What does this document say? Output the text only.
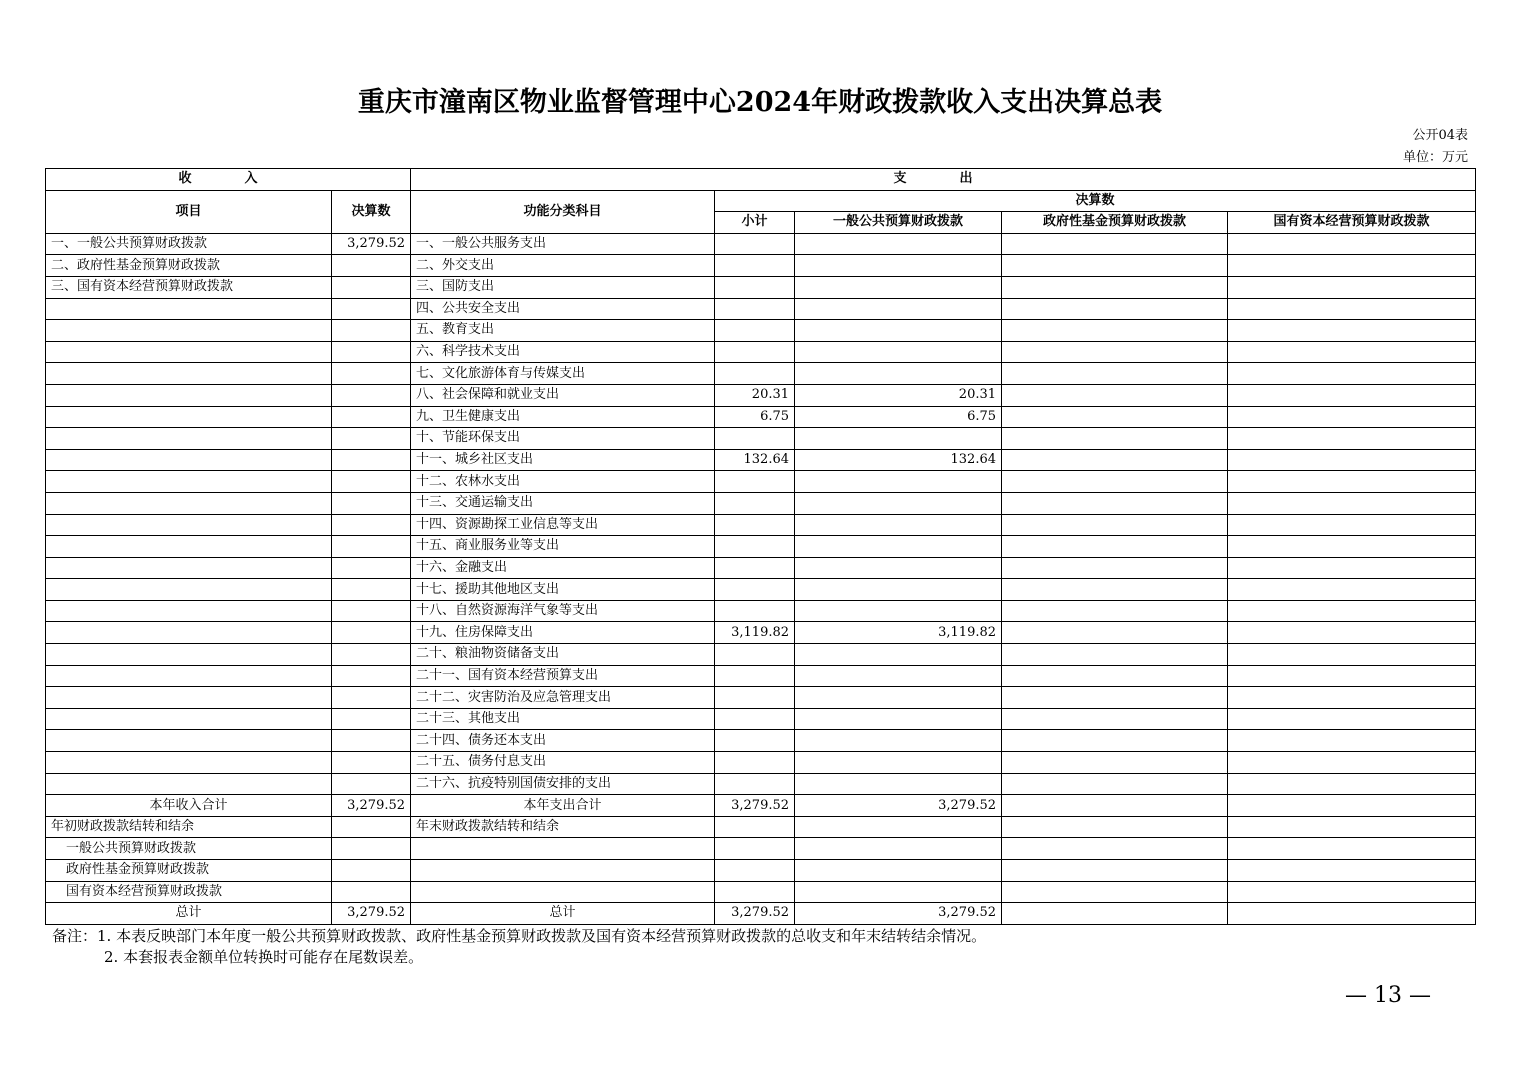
重庆市潼南区物业监督管理中心2024年财政拨款收入支出决算总表
公开04表
单位：万元
收　入		支　出				
项目	决算数	功能分类科目	决算数			
			小计	一般公共预算财政拨款	政府性基金预算财政拨款	国有资本经营预算财政拨款
一、一般公共预算财政拨款	3,279.52	一、一般公共服务支出				
二、政府性基金预算财政拨款		二、外交支出				
三、国有资本经营预算财政拨款		三、国防支出				
		四、公共安全支出				
		五、教育支出				
		六、科学技术支出				
		七、文化旅游体育与传媒支出				
		八、社会保障和就业支出	20.31	20.31		
		九、卫生健康支出	6.75	6.75		
		十、节能环保支出				
		十一、城乡社区支出	132.64	132.64		
		十二、农林水支出				
		十三、交通运输支出				
		十四、资源勘探工业信息等支出				
		十五、商业服务业等支出				
		十六、金融支出				
		十七、援助其他地区支出				
		十八、自然资源海洋气象等支出				
		十九、住房保障支出	3,119.82	3,119.82		
		二十、粮油物资储备支出				
		二十一、国有资本经营预算支出				
		二十二、灾害防治及应急管理支出				
		二十三、其他支出				
		二十四、债务还本支出				
		二十五、债务付息支出				
		二十六、抗疫特别国债安排的支出				
本年收入合计	3,279.52	本年支出合计	3,279.52	3,279.52		
年初财政拨款结转和结余		年末财政拨款结转和结余				
一般公共预算财政拨款						
政府性基金预算财政拨款						
国有资本经营预算财政拨款						
总计	3,279.52	总计	3,279.52	3,279.52		
备注：1. 本表反映部门本年度一般公共预算财政拨款、政府性基金预算财政拨款及国有资本经营预算财政拨款的总收支和年末结转结余情况。
2. 本套报表金额单位转换时可能存在尾数误差。
— 13 —
